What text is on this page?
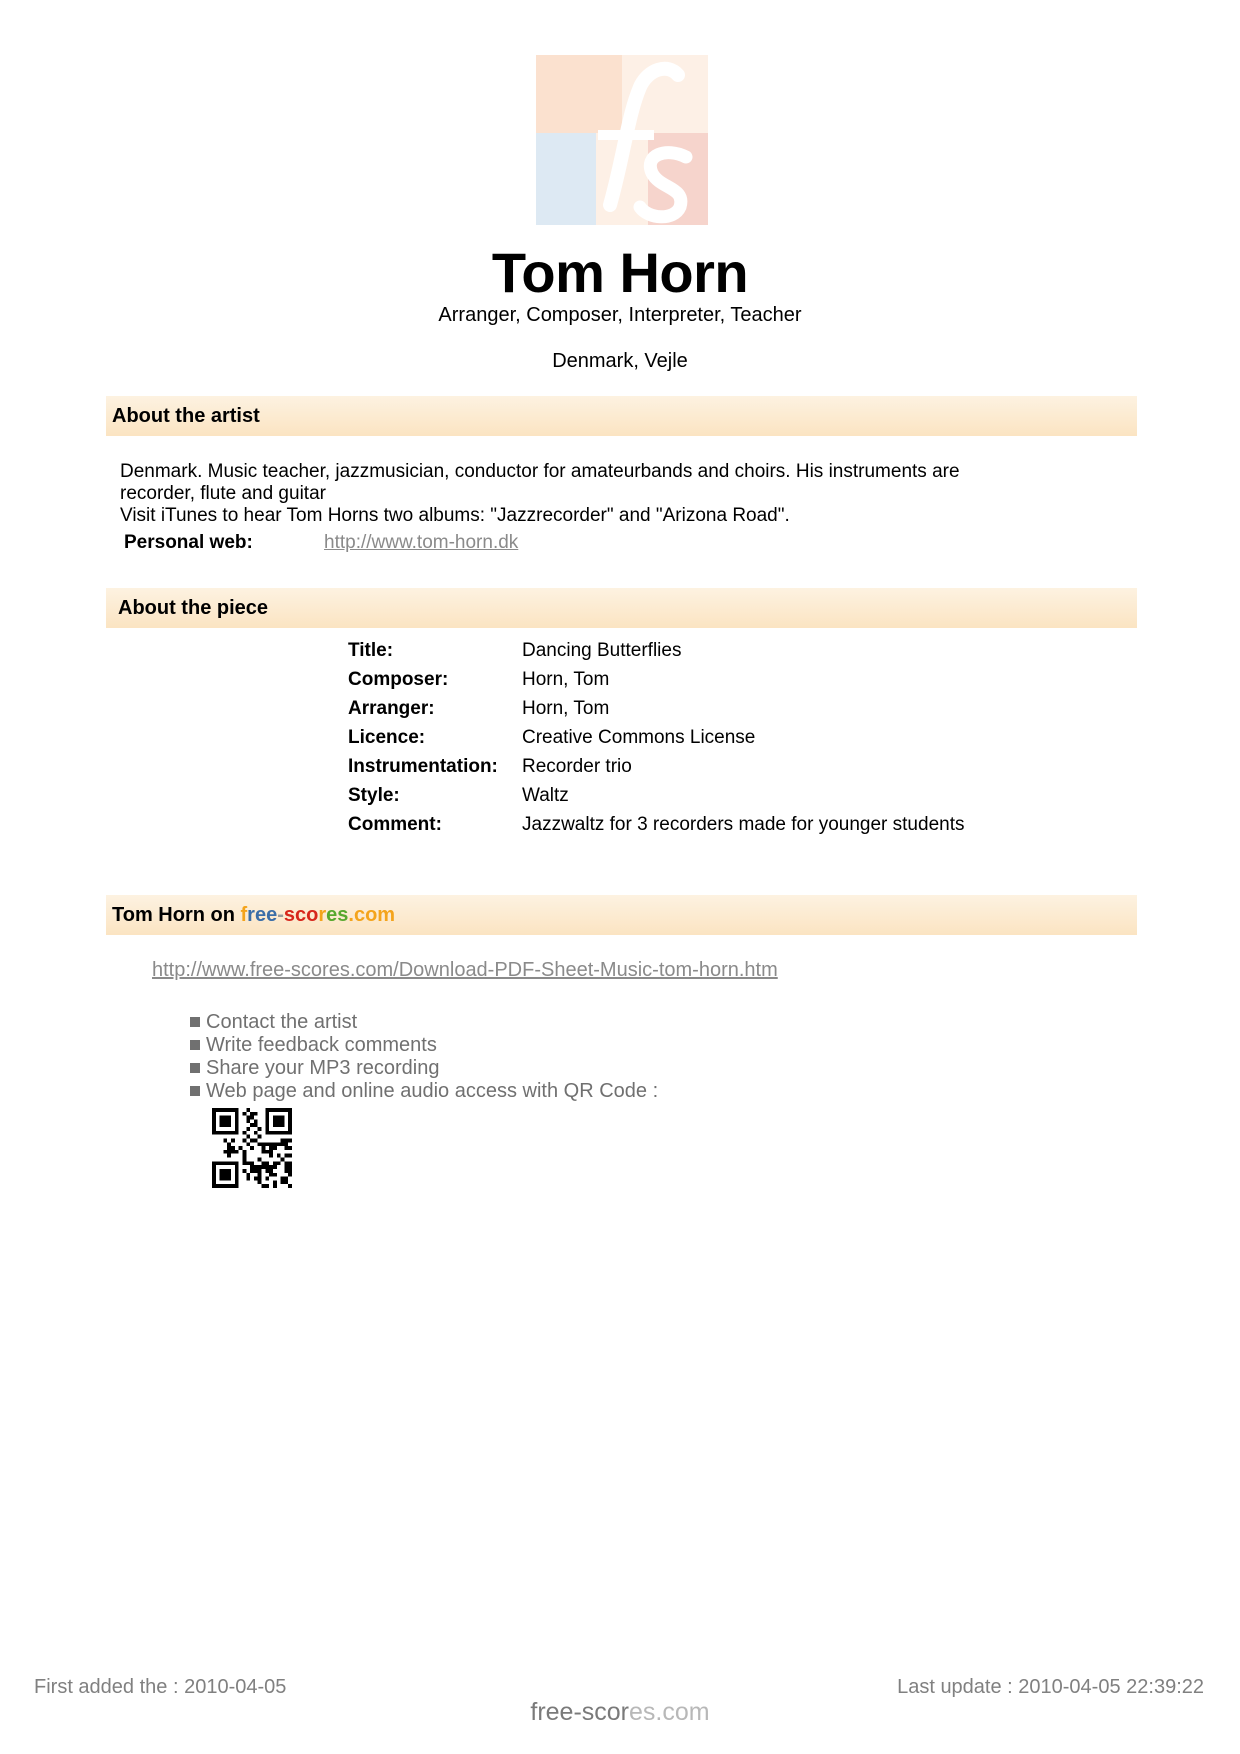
Tom Horn
Arranger, Composer, Interpreter, Teacher
Denmark, Vejle
About the artist

Denmark. Music teacher, jazzmusician, conductor for amateurbands and choirs. His instruments are

recorder, flute and guitar

Visit iTunes to hear Tom Horns two albums: "Jazzrecorder" and "Arizona Road".

Personal web:	http://www.tom-horn.dk
About the piece
Title:	Dancing Butterflies
Composer:	Horn, Tom
Arranger:	Horn, Tom
Licence:	Creative Commons License
Instrumentation:	Recorder trio
Style:	Waltz
Comment:	Jazzwaltz for 3 recorders made for younger students
Tom Horn on free-scores.com
http://www.free-scores.com/Download-PDF-Sheet-Music-tom-horn.htm
Contact the artist
Write feedback comments
Share your MP3 recording
Web page and online audio access with QR Code :
First added the : 2010-04-05	Last update : 2010-04-05 22:39:22
free-scores.com
